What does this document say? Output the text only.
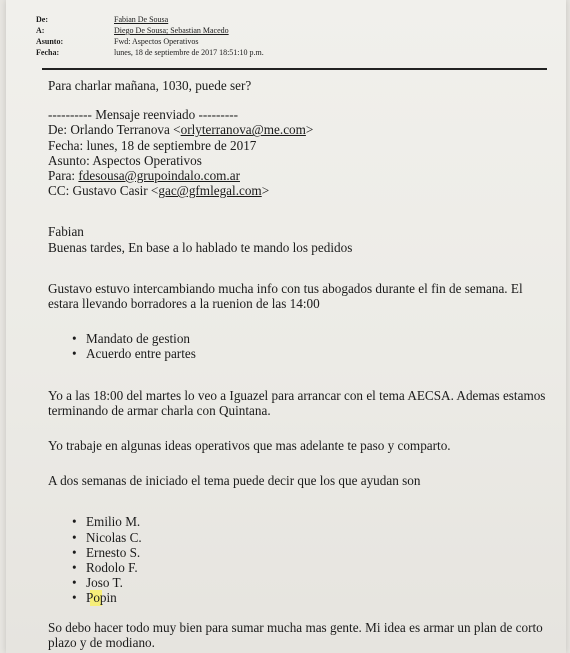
De:	Fabian De Sousa
A:	Diego De Sousa; Sebastian Macedo
Asunto:	Fwd: Aspectos Operativos
Fecha:	lunes, 18 de septiembre de 2017 18:51:10 p.m.

Para charlar mañana, 1030, puede ser?

---------- Mensaje reenviado ---------

De: Orlando Terranova <orlyterranova@me.com>

Fecha: lunes, 18 de septiembre de 2017

Asunto: Aspectos Operativos

Para: fdesousa@grupoindalo.com.ar

CC: Gustavo Casir <gac@gfmlegal.com>

Fabian

Buenas tardes, En base a lo hablado te mando los pedidos

Gustavo estuvo intercambiando mucha info con tus abogados durante el fin de semana. El

estara llevando borradores a la ruenion de las 14:00

• Mandato de gestion
• Acuerdo entre partes

Yo a las 18:00 del martes lo veo a Iguazel para arrancar con el tema AECSA. Ademas estamos

terminando de armar charla con Quintana.

Yo trabaje en algunas ideas operativos que mas adelante te paso y comparto.

A dos semanas de iniciado el tema puede decir que los que ayudan son

• Emilio M.
• Nicolas C.
• Ernesto S.
• Rodolo F.
• Joso T.
• Popin

So debo hacer todo muy bien para sumar mucha mas gente. Mi idea es armar un plan de corto

plazo y de modiano.
